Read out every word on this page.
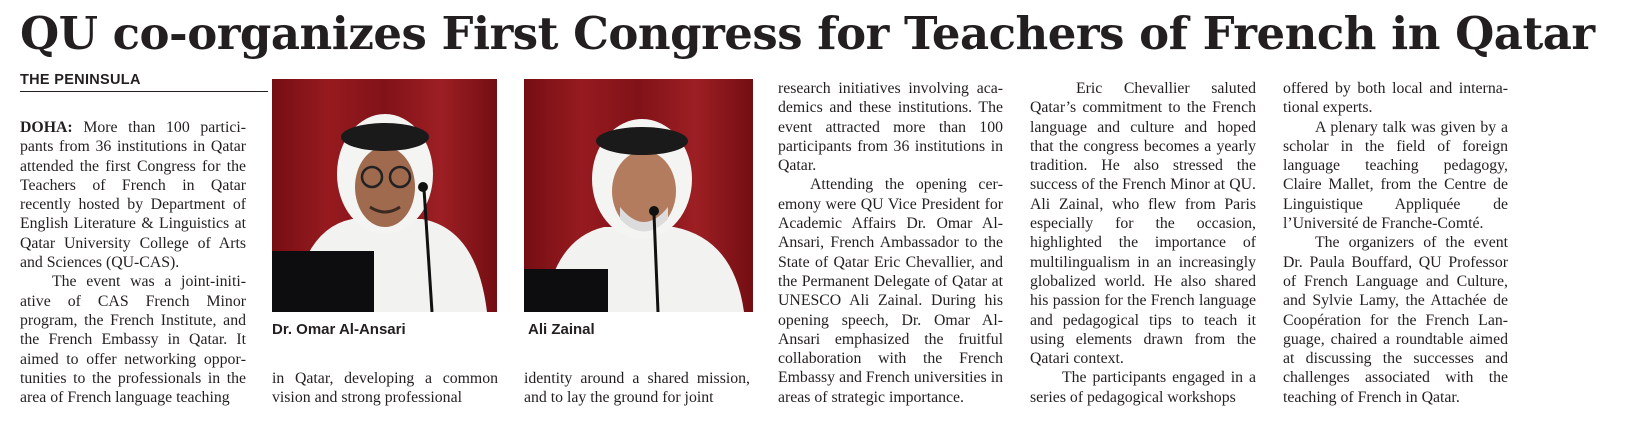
QU co-organizes First Congress for Teachers of French in Qatar
THE PENINSULA

DOHA: More than 100 participants from 36 institutions in Qatar attended the first Congress for the Teachers of French in Qatar recently hosted by Department of English Literature & Linguistics at Qatar University College of Arts and Sciences (QU-CAS).

The event was a joint-initiative of CAS French Minor program, the French Institute, and the French Embassy in Qatar. It aimed to offer networking opportunities to the professionals in the area of French language teaching

Dr. Omar Al-Ansari	Ali Zainal

in Qatar, developing a common vision and strong professional

identity around a shared mission, and to lay the ground for joint

research initiatives involving academics and these institutions. The event attracted more than 100 participants from 36 institutions in Qatar.

Attending the opening ceremony were QU Vice President for Academic Affairs Dr. Omar Al-Ansari, French Ambassador to the State of Qatar Eric Chevallier, and the Permanent Delegate of Qatar at UNESCO Ali Zainal. During his opening speech, Dr. Omar Al-Ansari emphasized the fruitful collaboration with the French Embassy and French universities in areas of strategic importance.

Eric Chevallier saluted Qatar’s commitment to the French language and culture and hoped that the congress becomes a yearly tradition. He also stressed the success of the French Minor at QU. Ali Zainal, who flew from Paris especially for the occasion, highlighted the importance of multilingualism in an increasingly globalized world. He also shared his passion for the French language and pedagogical tips to teach it using elements drawn from the Qatari context.

The participants engaged in a series of pedagogical workshops

offered by both local and international experts.

A plenary talk was given by a scholar in the field of foreign language teaching pedagogy, Claire Mallet, from the Centre de Linguistique Appliquée de l’Université de Franche-Comté.

The organizers of the event Dr. Paula Bouffard, QU Professor of French Language and Culture, and Sylvie Lamy, the Attachée de Coopération for the French Language, chaired a roundtable aimed at discussing the successes and challenges associated with the teaching of French in Qatar.
